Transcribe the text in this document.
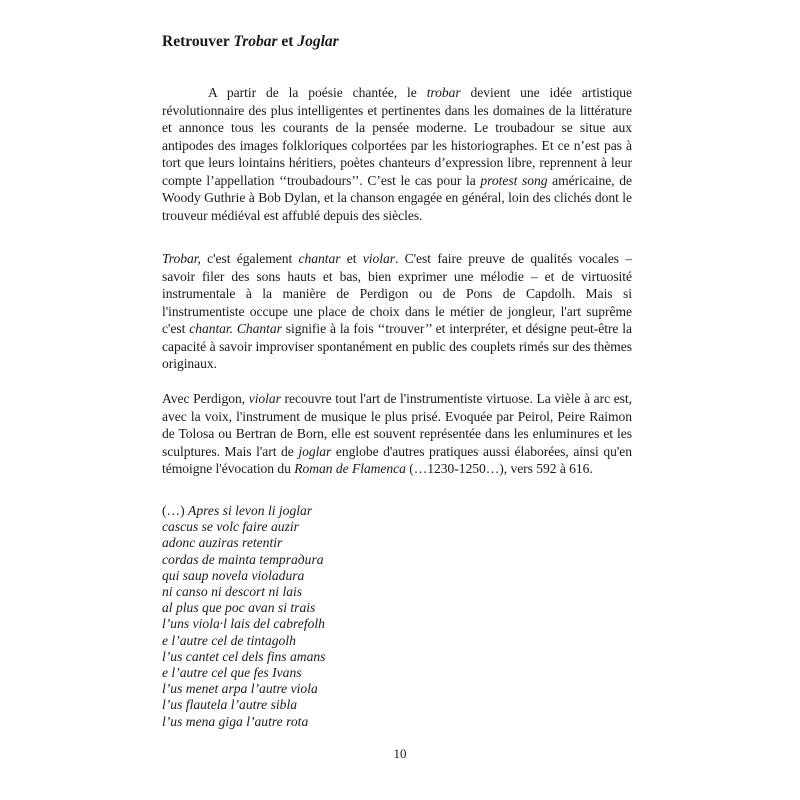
Retrouver Trobar et Joglar
A partir de la poésie chantée, le trobar devient une idée artistique révolutionnaire des plus intelligentes et pertinentes dans les domaines de la littérature et annonce tous les courants de la pensée moderne. Le troubadour se situe aux antipodes des images folkloriques colportées par les historiographes. Et ce n’est pas à tort que leurs lointains héritiers, poètes chanteurs d’expression libre, reprennent à leur compte l’appellation ‘‘troubadours’’. C’est le cas pour la protest song américaine, de Woody Guthrie à Bob Dylan, et la chanson engagée en général, loin des clichés dont le trouveur médiéval est affublé depuis des siècles.
Trobar, c'est également chantar et violar. C'est faire preuve de qualités vocales – savoir filer des sons hauts et bas, bien exprimer une mélodie – et de virtuosité instrumentale à la manière de Perdigon ou de Pons de Capdolh. Mais si l'instrumentiste occupe une place de choix dans le métier de jongleur, l'art suprême c'est chantar. Chantar signifie à la fois ‘‘trouver’’ et interpréter, et désigne peut-être la capacité à savoir improviser spontanément en public des couplets rimés sur des thèmes originaux.
Avec Perdigon, violar recouvre tout l'art de l'instrumentiste virtuose. La vièle à arc est, avec la voix, l'instrument de musique le plus prisé. Evoquée par Peirol, Peire Raimon de Tolosa ou Bertran de Born, elle est souvent représentée dans les enluminures et les sculptures. Mais l'art de joglar englobe d'autres pratiques aussi élaborées, ainsi qu'en témoigne l'évocation du Roman de Flamenca (…1230-1250…), vers 592 à 616.
(…) Apres si levon li joglar
cascus se volc faire auzir
adonc auziras retentir
cordas de mainta temprадura
qui saup novela violadura
ni canso ni descort ni lais
al plus que poc avan si trais
l’uns viola·l lais del cabrefolh
e l’autre cel de tintagolh
l’us cantet cel dels fins amans
e l’autre cel que fes Ivans
l’us menet arpa l’autre viola
l’us flautela l’autre sibla
l’us mena giga l’autre rota
10
